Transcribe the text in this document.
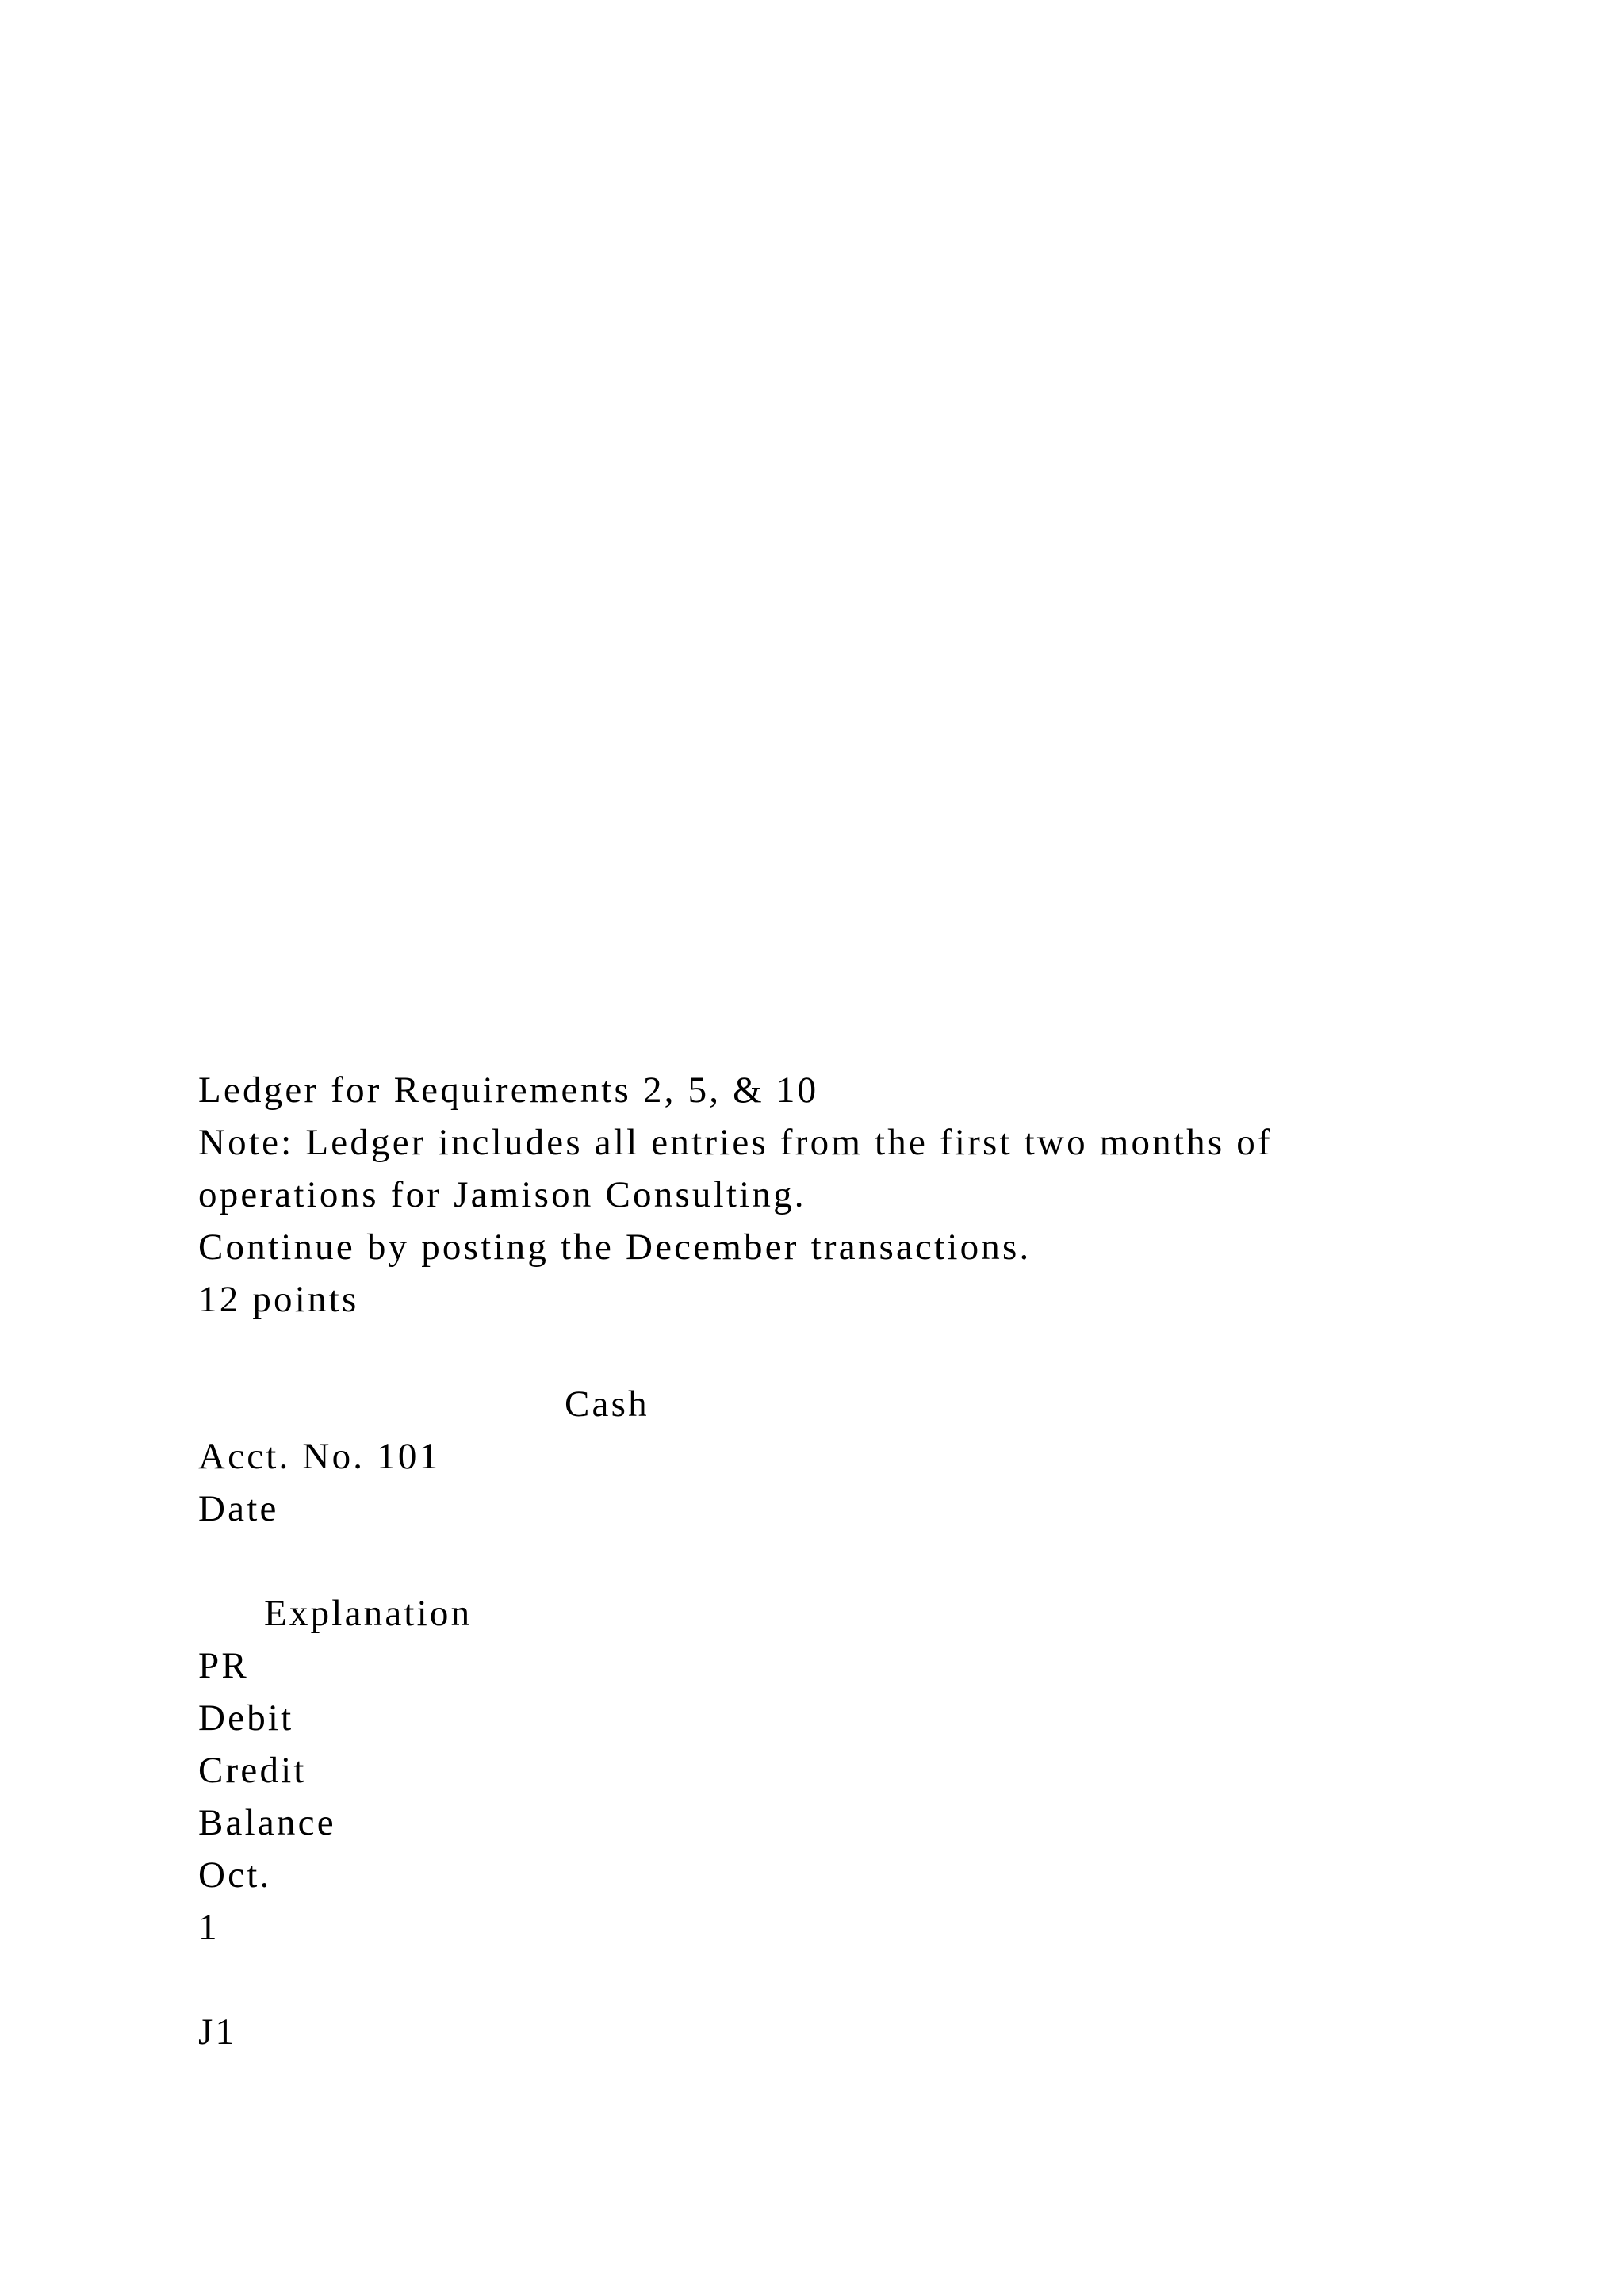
Ledger for Requirements 2, 5, & 10
Note: Ledger includes all entries from the first two months of
operations for Jamison Consulting.
Continue by posting the December transactions.
12 points
Cash
Acct. No. 101
Date
Explanation
PR
Debit
Credit
Balance
Oct.
1
J1
